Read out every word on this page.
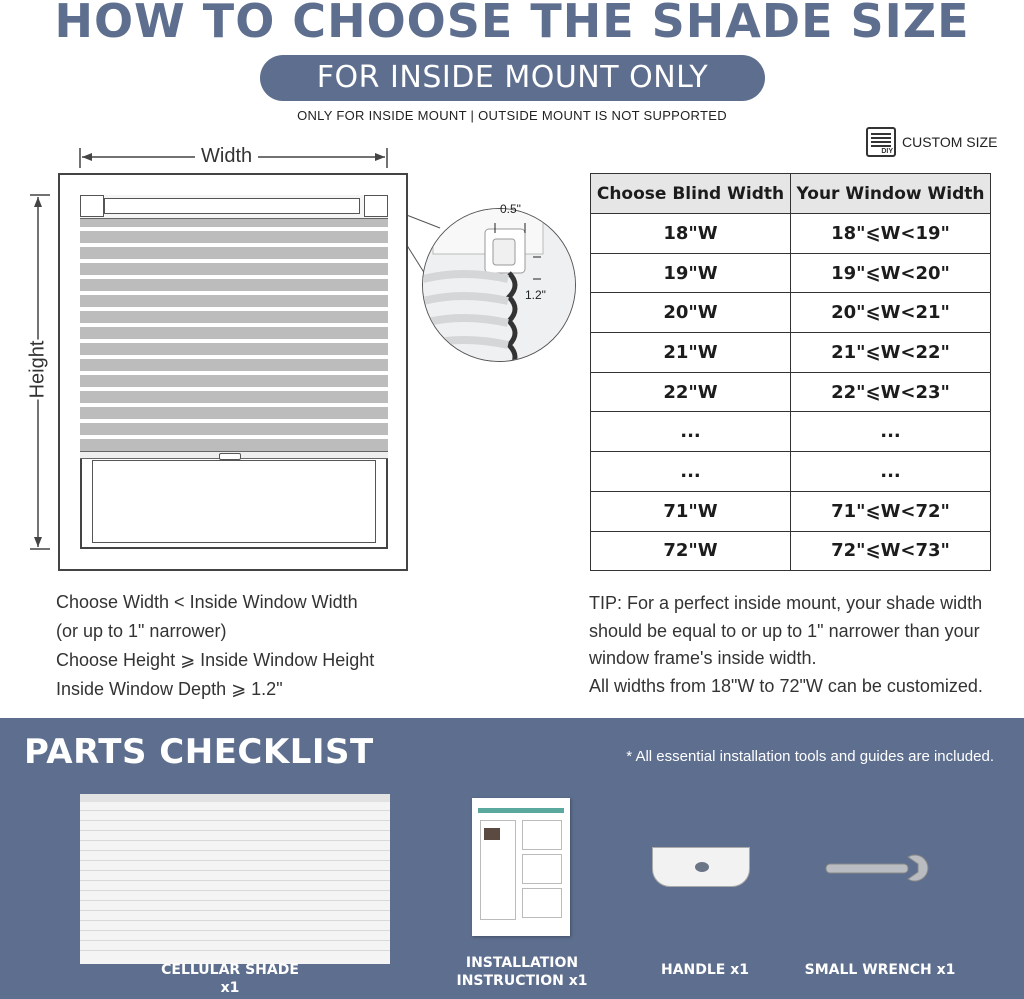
HOW TO CHOOSE THE SHADE SIZE
FOR INSIDE MOUNT ONLY
ONLY FOR INSIDE MOUNT | OUTSIDE MOUNT IS NOT SUPPORTED
DIY
CUSTOM SIZE
Width
Height
0.5"
1.2"
Choose Blind Width	Your Window Width
18"W	18"⩽W<19"
19"W	19"⩽W<20"
20"W	20"⩽W<21"
21"W	21"⩽W<22"
22"W	22"⩽W<23"
...	...
...	...
71"W	71"⩽W<72"
72"W	72"⩽W<73"
Choose Width < Inside Window Width
(or up to 1" narrower)
Choose Height ⩾ Inside Window Height
Inside Window Depth ⩾ 1.2"
TIP: For a perfect inside mount, your shade width
should be equal to or up to 1" narrower than your
window frame's inside width.
All widths from 18"W to 72"W can be customized.
PARTS CHECKLIST	* All essential installation tools and guides are included.
CELLULAR SHADE x1
INSTALLATION
INSTRUCTION x1
HANDLE x1	SMALL WRENCH x1
